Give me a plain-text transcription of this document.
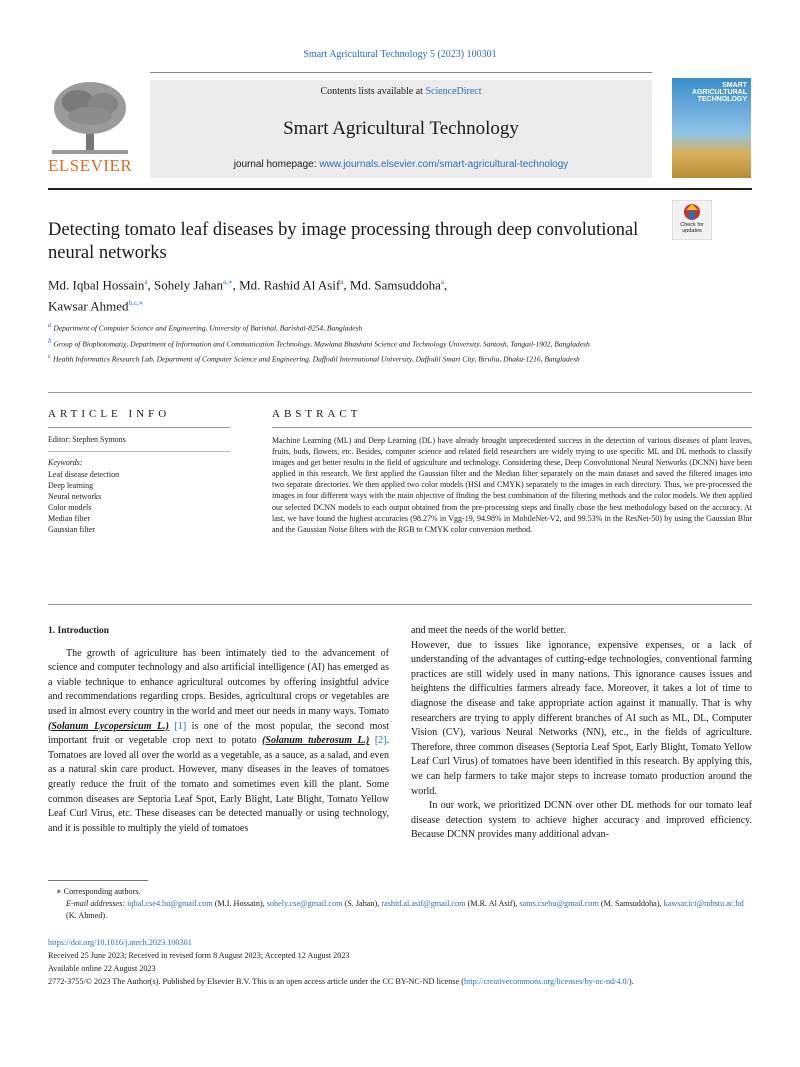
Smart Agricultural Technology 5 (2023) 100301
ELSEVIER
Contents lists available at ScienceDirect
Smart Agricultural Technology
journal homepage: www.journals.elsevier.com/smart-agricultural-technology
SMART AGRICULTURAL TECHNOLOGY
Detecting tomato leaf diseases by image processing through deep convolutional neural networks
Check for
updates
Md. Iqbal Hossain$^a$, Sohely Jahan$^{a,∗}$, Md. Rashid Al Asif$^a$, Md. Samsuddoha$^a$,
Kawsar Ahmed$^{b,c,∗}$

$^a$ Department of Computer Science and Engineering, University of Barishal, Barishal-8254, Bangladesh

$^b$ Group of Biophotomatiχ, Department of Information and Communication Technology, Mawlana Bhashani Science and Technology University, Santosh, Tangail-1902, Bangladesh

$^c$ Health Informatics Research Lab, Department of Computer Science and Engineering, Daffodil International University, Daffodil Smart City, Birulia, Dhaka-1216, Bangladesh

ARTICLE INFO	ABSTRACT
Editor: Stephen Symons
Keywords:
Leaf disease detection
Deep learning
Neural networks
Color models
Median filter
Gaussian filter

Machine Learning (ML) and Deep Learning (DL) have already brought unprecedented success in the detection of various diseases of plant leaves, fruits, buds, flowers, etc. Besides, computer science and related field researchers are widely trying to use specific ML and DL methods to classify images and get better results in the field of agriculture and technology. Considering these, Deep Convolutional Neural Networks (DCNN) have been applied in this research. We first applied the Gaussian filter and the Median filter separately on the main dataset and saved the filtered images into two separate directories. We then applied two color models (HSI and CMYK) separately to the images in each directory. Thus, we pre-processed the images in four different ways with the main objective of finding the best combination of the filtering methods and the color models. We then applied our selected DCNN models to each output obtained from the pre-processing steps and finally chose the best methodology based on the accuracy. At last, we have found the highest accuracies (98.27% in Vgg-19, 94.98% in MobileNet-V2, and 99.53% in the ResNet-50) by using the Gaussian Blur and the Gaussian Noise filters with the RGB to CMYK color conversion method.

1. Introduction

The growth of agriculture has been intimately tied to the advancement of science and computer technology and also artificial intelligence (AI) has emerged as a viable technique to enhance agricultural outcomes by offering insightful advice and recommendations regarding crops. Besides, agricultural crops or vegetables are used in almost every country in the world and meet our needs in many ways. Tomato (Solanum Lycopersicum L.) [1] is one of the most popular, the second most important fruit or vegetable crop next to potato (Solanum tuberosum L.) [2]. Tomatoes are loved all over the world as a vegetable, as a sauce, as a salad, and even as a natural skin care product. However, many diseases in the leaves of tomatoes greatly reduce the fruit of the tomato and sometimes even kill the plant. Some common diseases are Septoria Leaf Spot, Early Blight, Late Blight, Tomato Yellow Leaf Curl Virus, etc. These diseases can be detected manually or using technology, and it is possible to multiply the yield of tomatoes

and meet the needs of the world better.

However, due to issues like ignorance, expensive expenses, or a lack of understanding of the advantages of cutting-edge technologies, conventional farming practices are still widely used in many nations. This ignorance causes issues and heightens the difficulties farmers already face. Moreover, it takes a lot of time to diagnose the disease and take appropriate action against it manually. That is why researchers are trying to apply different branches of AI such as ML, DL, Computer Vision (CV), various Neural Networks (NN), etc., in the fields of agriculture. Therefore, three common diseases (Septoria Leaf Spot, Early Blight, Tomato Yellow Leaf Curl Virus) of tomatoes have been identified in this research. By applying this, we can help farmers to take major steps to increase tomato production around the world.

In our work, we prioritized DCNN over other DL methods for our tomato leaf disease detection system to achieve higher accuracy and improved efficiency. Because DCNN provides many additional advan-

∗ Corresponding authors.

E-mail addresses: iqbal.cse4.bu@gmail.com (M.I. Hossain), sohely.cse@gmail.com (S. Jahan), rashid.al.asif@gmail.com (M.R. Al Asif), sams.csebu@gmail.com (M. Samsuddoha), kawsar.ict@mbstu.ac.bd (K. Ahmed).

https://doi.org/10.1016/j.atech.2023.100301

Received 25 June 2023; Received in revised form 8 August 2023; Accepted 12 August 2023

Available online 22 August 2023

2772-3755/© 2023 The Author(s). Published by Elsevier B.V. This is an open access article under the CC BY-NC-ND license (http://creativecommons.org/licenses/by-nc-nd/4.0/).
